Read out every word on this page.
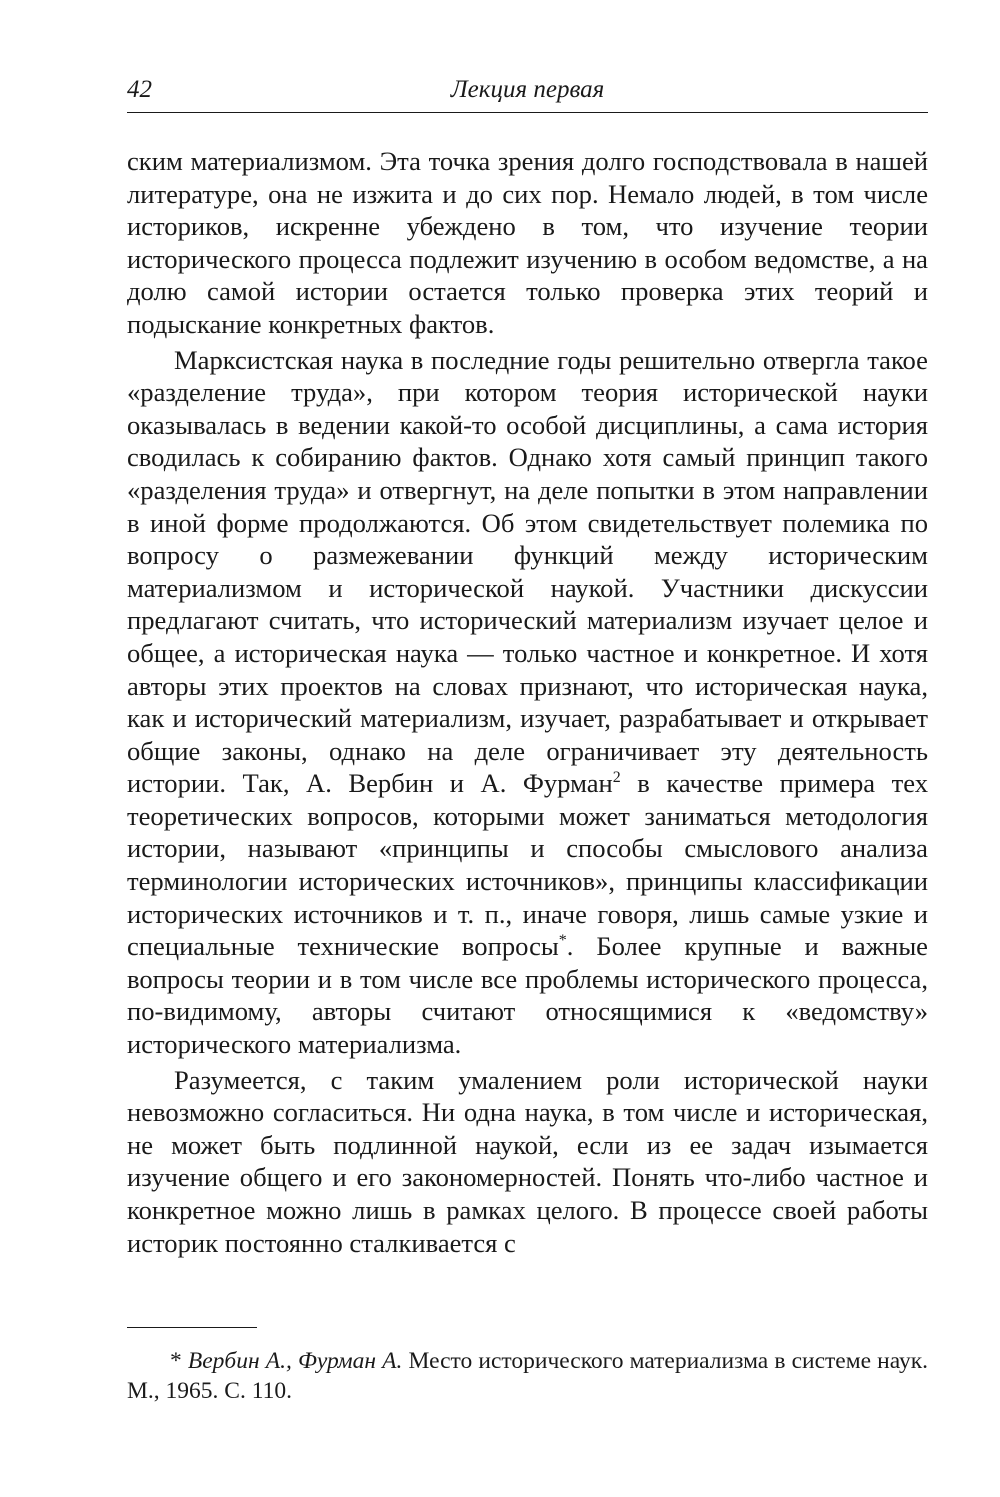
42	Лекция первая

ским материализмом. Эта точка зрения долго господствовала в нашей литературе, она не изжита и до сих пор. Немало людей, в том числе историков, искренне убеждено в том, что изучение теории исторического процесса подлежит изучению в особом ведомстве, а на долю самой истории остается только проверка этих теорий и подыскание конкретных фактов.

Марксистская наука в последние годы решительно отвергла такое «разделение труда», при котором теория исторической науки оказывалась в ведении какой-то особой дисциплины, а сама история сводилась к собиранию фактов. Однако хотя самый принцип такого «разделения труда» и отвергнут, на деле попытки в этом направлении в иной форме продолжаются. Об этом свидетельствует полемика по вопросу о размежевании функций между историческим материализмом и исторической наукой. Участники дискуссии предлагают считать, что исторический материализм изучает целое и общее, а историческая наука — только частное и конкретное. И хотя авторы этих проектов на словах признают, что историческая наука, как и исторический материализм, изучает, разрабатывает и открывает общие законы, однако на деле ограничивает эту деятельность истории. Так, А. Вербин и А. Фурман$^2$ в качестве примера тех теоретических вопросов, которыми может заниматься методология истории, называют «принципы и способы смыслового анализа терминологии исторических источников», принципы классификации исторических источников и т. п., иначе говоря, лишь самые узкие и специальные технические вопросы*. Более крупные и важные вопросы теории и в том числе все проблемы исторического процесса, по-видимому, авторы считают относящимися к «ведомству» исторического материализма.

Разумеется, с таким умалением роли исторической науки невозможно согласиться. Ни одна наука, в том числе и историческая, не может быть подлинной наукой, если из ее задач изымается изучение общего и его закономерностей. Понять что-либо частное и конкретное можно лишь в рамках целого. В процессе своей работы историк постоянно сталкивается с

* Вербин А., Фурман А. Место исторического материализма в системе наук. М., 1965. С. 110.
